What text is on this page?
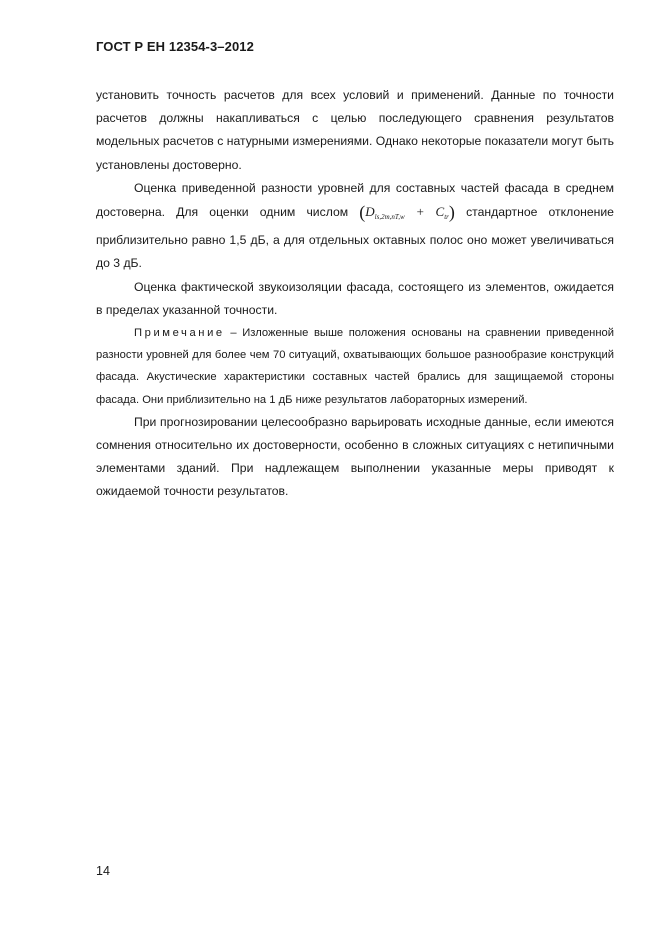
ГОСТ Р ЕН 12354-3–2012

установить точность расчетов для всех условий и применений. Данные по точности расчетов должны накапливаться с целью последующего сравнения результатов модельных расчетов с натурными измерениями. Однако некоторые показатели могут быть установлены достоверно.

Оценка приведенной разности уровней для составных частей фасада в среднем достоверна. Для оценки одним числом $(D_{ls,2m,nT,w} + C_{tr})$ стандартное отклонение приблизительно равно 1,5 дБ, а для отдельных октавных полос оно может увеличиваться до 3 дБ.

Оценка фактической звукоизоляции фасада, состоящего из элементов, ожидается в пределах указанной точности.

Примечание – Изложенные выше положения основаны на сравнении приведенной разности уровней для более чем 70 ситуаций, охватывающих большое разнообразие конструкций фасада. Акустические характеристики составных частей брались для защищаемой стороны фасада. Они приблизительно на 1 дБ ниже результатов лабораторных измерений.

При прогнозировании целесообразно варьировать исходные данные, если имеются сомнения относительно их достоверности, особенно в сложных ситуациях с нетипичными элементами зданий. При надлежащем выполнении указанные меры приводят к ожидаемой точности результатов.

14
